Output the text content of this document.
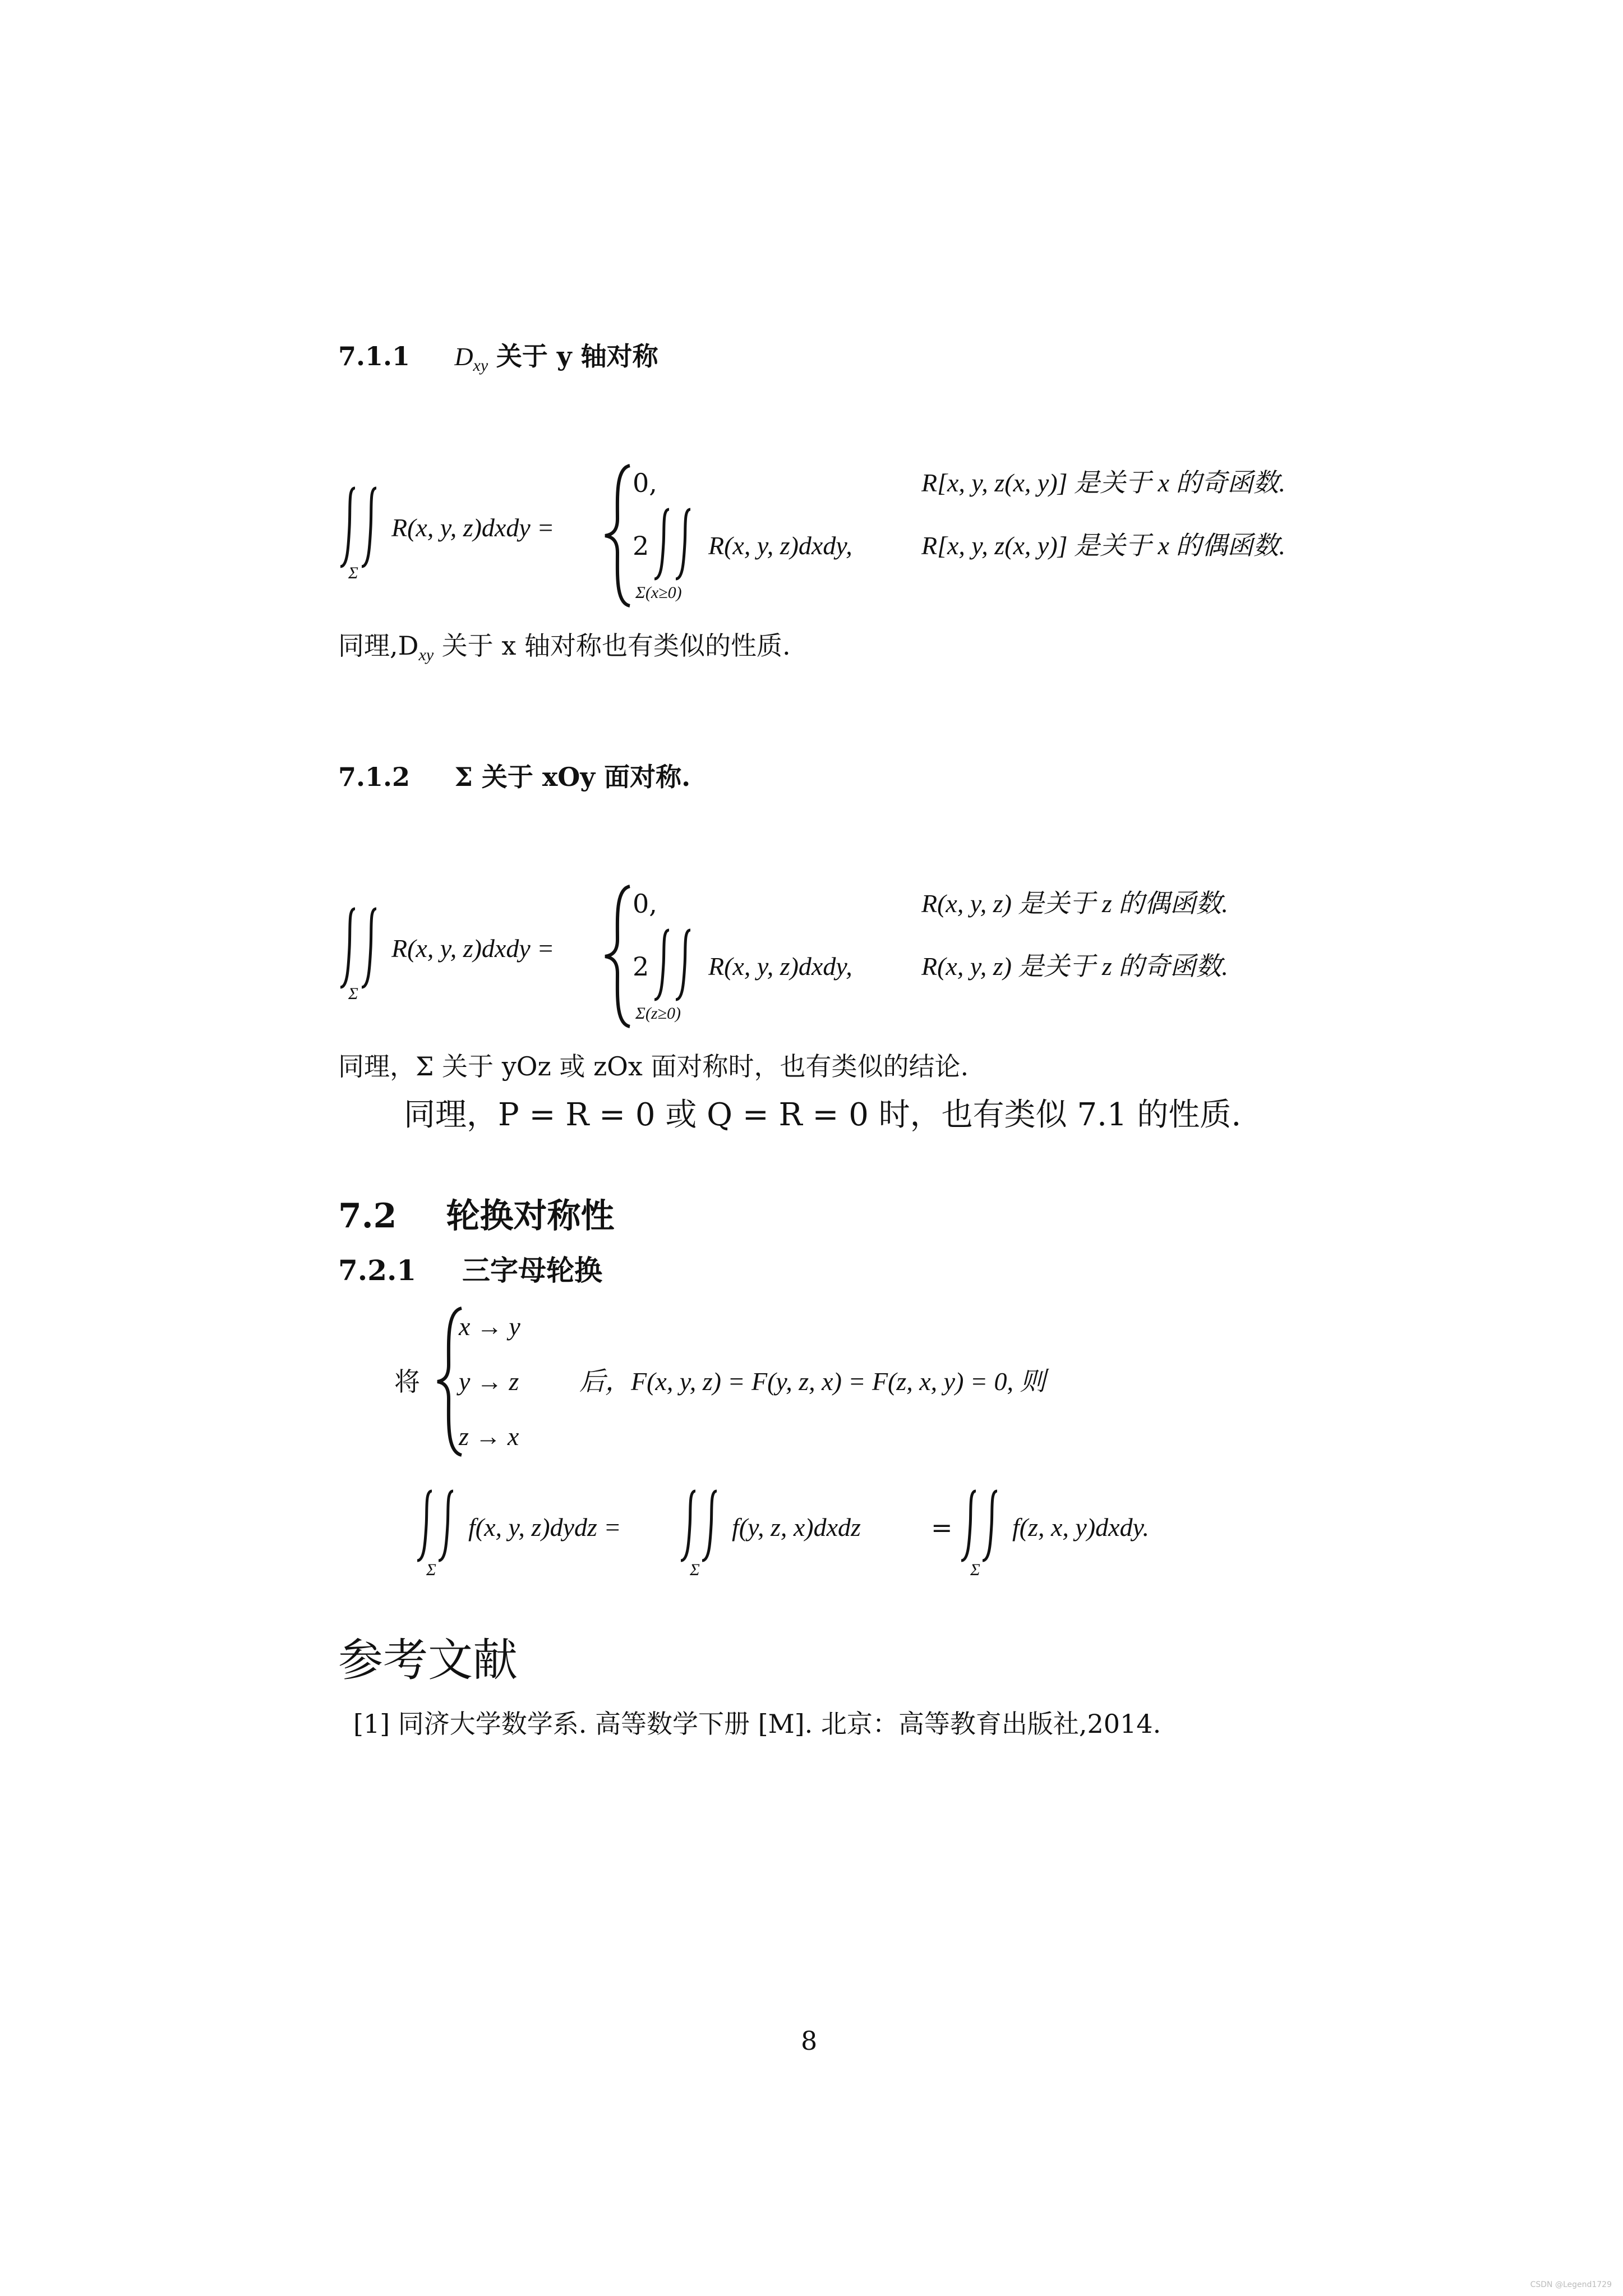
7.1.1 $D_{xy}$ 关于 y 轴对称
Σ
R(x, y, z)dxdy =
0,	R[x, y, z(x, y)] 是关于 x 的奇函数.
2
Σ(x≥0)
R(x, y, z)dxdy,	R[x, y, z(x, y)] 是关于 x 的偶函数.
同理$,D_{xy}$ 关于 x 轴对称也有类似的性质.
7.1.2 Σ 关于 xOy 面对称.
Σ
R(x, y, z)dxdy =
0,	R(x, y, z) 是关于 z 的偶函数.
2
Σ(z≥0)
R(x, y, z)dxdy,	R(x, y, z) 是关于 z 的奇函数.
同理，Σ 关于 yOz 或 zOx 面对称时，也有类似的结论.
同理，P = R = 0 或 Q = R = 0 时，也有类似 7.1 的性质.
7.2 轮换对称性
7.2.1 三字母轮换
将
x → y
y → z
z → x
后，F(x, y, z) = F(y, z, x) = F(z, x, y) = 0, 则
Σ
f(x, y, z)dydz =
Σ
f(y, z, x)dxdz	=
Σ
f(z, x, y)dxdy.
参考文献
[1] 同济大学数学系. 高等数学下册 [M]. 北京：高等教育出版社,2014.
8
CSDN @Legend1729
